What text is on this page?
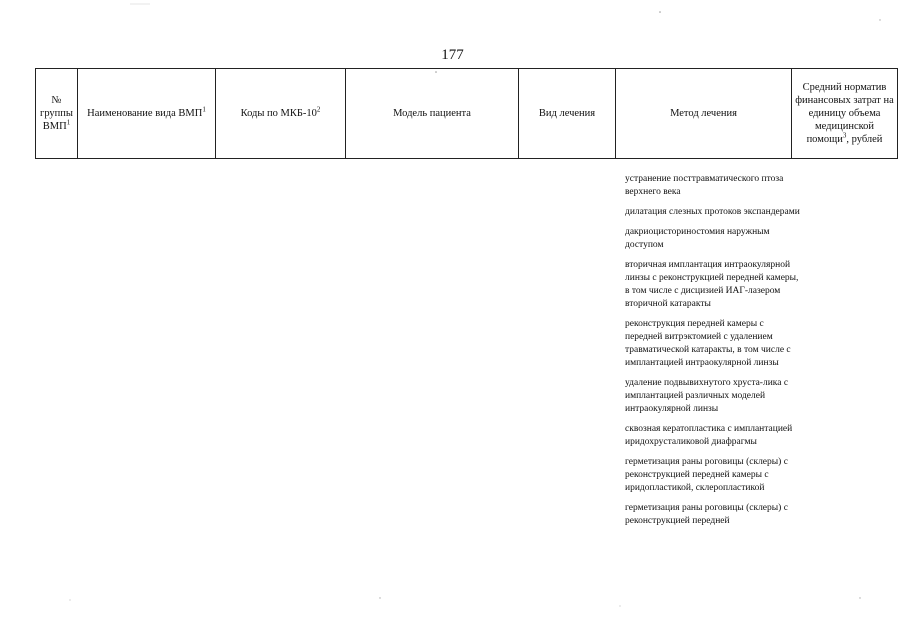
177
№ группы ВМП$^1$	Наименование вида ВМП$^1$	Коды по МКБ-$10^2$	Модель пациента	Вид лечения	Метод лечения	Средний норматив финансовых затрат на единицу объема медицинской помощи$^3$, рублей

устранение посттравматического птоза верхнего века

дилатация слезных протоков экспандерами

дакриоцисториностомия наружным доступом

вторичная имплантация интраокулярной линзы с реконструкцией передней камеры, в том числе с дисцизией ИАГ-лазером вторичной катаракты

реконструкция передней камеры с передней витрэктомией с удалением травматической катаракты, в том числе с имплантацией интраокулярной линзы

удаление подвывихнутого хруста-лика с имплантацией различных моделей интраокулярной линзы

сквозная кератопластика с имплантацией иридохрусталиковой диафрагмы

герметизация раны роговицы (склеры) с реконструкцией передней камеры с иридопластикой, склеропластикой

герметизация раны роговицы (склеры) с реконструкцией передней
